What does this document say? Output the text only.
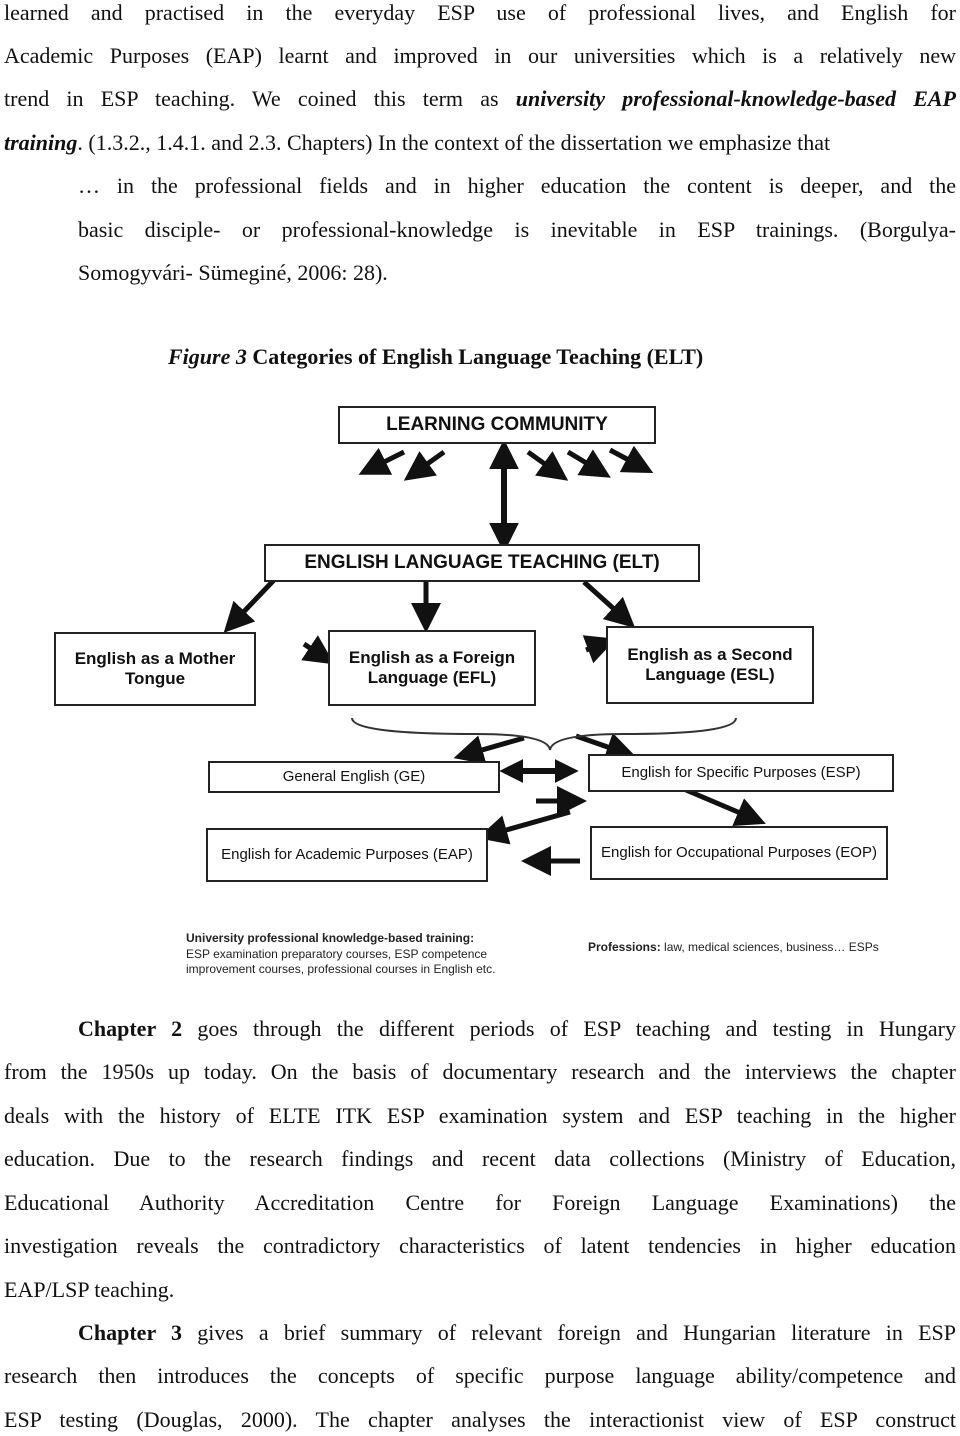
learned and practised in the everyday ESP use of professional lives, and English for
Academic Purposes (EAP) learnt and improved in our universities which is a relatively new
trend in ESP teaching. We coined this term as university professional-knowledge-based EAP
training. (1.3.2., 1.4.1. and 2.3. Chapters) In the context of the dissertation we emphasize that
… in the professional fields and in higher education the content is deeper, and the
basic disciple- or professional-knowledge is inevitable in ESP trainings. (Borgulya-
Somogyvári- Sümeginé, 2006: 28).
Figure 3 Categories of English Language Teaching (ELT)
LEARNING COMMUNITY
ENGLISH LANGUAGE TEACHING (ELT)
English as a Mother Tongue
English as a Foreign Language (EFL)
English as a Second Language (ESL)
General English (GE)	English for Specific Purposes (ESP)
English for Academic Purposes (EAP)	English for Occupational Purposes (EOP)
University professional knowledge-based training:
ESP examination preparatory courses, ESP competence
improvement courses, professional courses in English etc.
Professions: law, medical sciences, business… ESPs
Chapter 2 goes through the different periods of ESP teaching and testing in Hungary
from the 1950s up today. On the basis of documentary research and the interviews the chapter
deals with the history of ELTE ITK ESP examination system and ESP teaching in the higher
education. Due to the research findings and recent data collections (Ministry of Education,
Educational Authority Accreditation Centre for Foreign Language Examinations) the
investigation reveals the contradictory characteristics of latent tendencies in higher education
EAP/LSP teaching.
Chapter 3 gives a brief summary of relevant foreign and Hungarian literature in ESP
research then introduces the concepts of specific purpose language ability/competence and
ESP testing (Douglas, 2000). The chapter analyses the interactionist view of ESP construct
